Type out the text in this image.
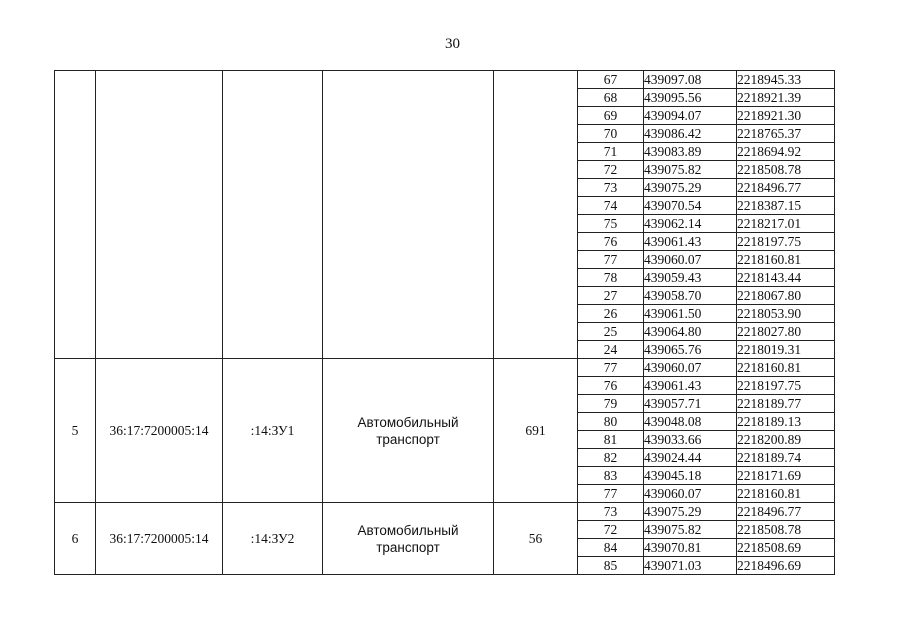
30
					67	439097.08	2218945.33
					68	439095.56	2218921.39
					69	439094.07	2218921.30
					70	439086.42	2218765.37
					71	439083.89	2218694.92
					72	439075.82	2218508.78
					73	439075.29	2218496.77
					74	439070.54	2218387.15
					75	439062.14	2218217.01
					76	439061.43	2218197.75
					77	439060.07	2218160.81
					78	439059.43	2218143.44
					27	439058.70	2218067.80
					26	439061.50	2218053.90
					25	439064.80	2218027.80
					24	439065.76	2218019.31
5	36:17:7200005:14	:14:ЗУ1	Автомобильный
транспорт	691	77	439060.07	2218160.81
					76	439061.43	2218197.75
					79	439057.71	2218189.77
					80	439048.08	2218189.13
					81	439033.66	2218200.89
					82	439024.44	2218189.74
					83	439045.18	2218171.69
					77	439060.07	2218160.81
6	36:17:7200005:14	:14:ЗУ2	Автомобильный
транспорт	56	73	439075.29	2218496.77
					72	439075.82	2218508.78
					84	439070.81	2218508.69
					85	439071.03	2218496.69
